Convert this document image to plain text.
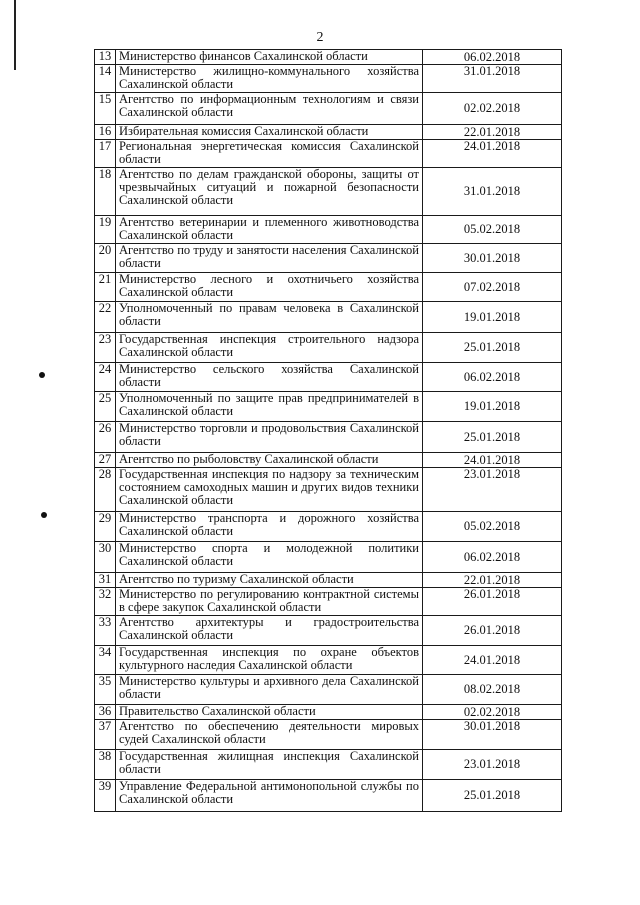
2
13	Министерство финансов Сахалинской области	06.02.2018
14	Министерство жилищно-коммунального хозяйства Сахалинской области	31.01.2018
15	Агентство по информационным технологиям и связи Сахалинской области	02.02.2018
16	Избирательная комиссия Сахалинской области	22.01.2018
17	Региональная энергетическая комиссия Сахалинской области	24.01.2018
18	Агентство по делам гражданской обороны, защиты от чрезвычайных ситуаций и пожарной безопасности Сахалинской области	31.01.2018
19	Агентство ветеринарии и племенного животноводства Сахалинской области	05.02.2018
20	Агентство по труду и занятости населения Сахалинской области	30.01.2018
21	Министерство лесного и охотничьего хозяйства Сахалинской области	07.02.2018
22	Уполномоченный по правам человека в Сахалинской области	19.01.2018
23	Государственная инспекция строительного надзора Сахалинской области	25.01.2018
24	Министерство сельского хозяйства Сахалинской области	06.02.2018
25	Уполномоченный по защите прав предпринимателей в Сахалинской области	19.01.2018
26	Министерство торговли и продовольствия Сахалинской области	25.01.2018
27	Агентство по рыболовству Сахалинской области	24.01.2018
28	Государственная инспекция по надзору за техническим состоянием самоходных машин и других видов техники Сахалинской области	23.01.2018
29	Министерство транспорта и дорожного хозяйства Сахалинской области	05.02.2018
30	Министерство спорта и молодежной политики Сахалинской области	06.02.2018
31	Агентство по туризму Сахалинской области	22.01.2018
32	Министерство по регулированию контрактной системы в сфере закупок Сахалинской области	26.01.2018
33	Агентство архитектуры и градостроительства Сахалинской области	26.01.2018
34	Государственная инспекция по охране объектов культурного наследия Сахалинской области	24.01.2018
35	Министерство культуры и архивного дела Сахалинской области	08.02.2018
36	Правительство Сахалинской области	02.02.2018
37	Агентство по обеспечению деятельности мировых судей Сахалинской области	30.01.2018
38	Государственная жилищная инспекция Сахалинской области	23.01.2018
39	Управление Федеральной антимонопольной службы по Сахалинской области	25.01.2018
